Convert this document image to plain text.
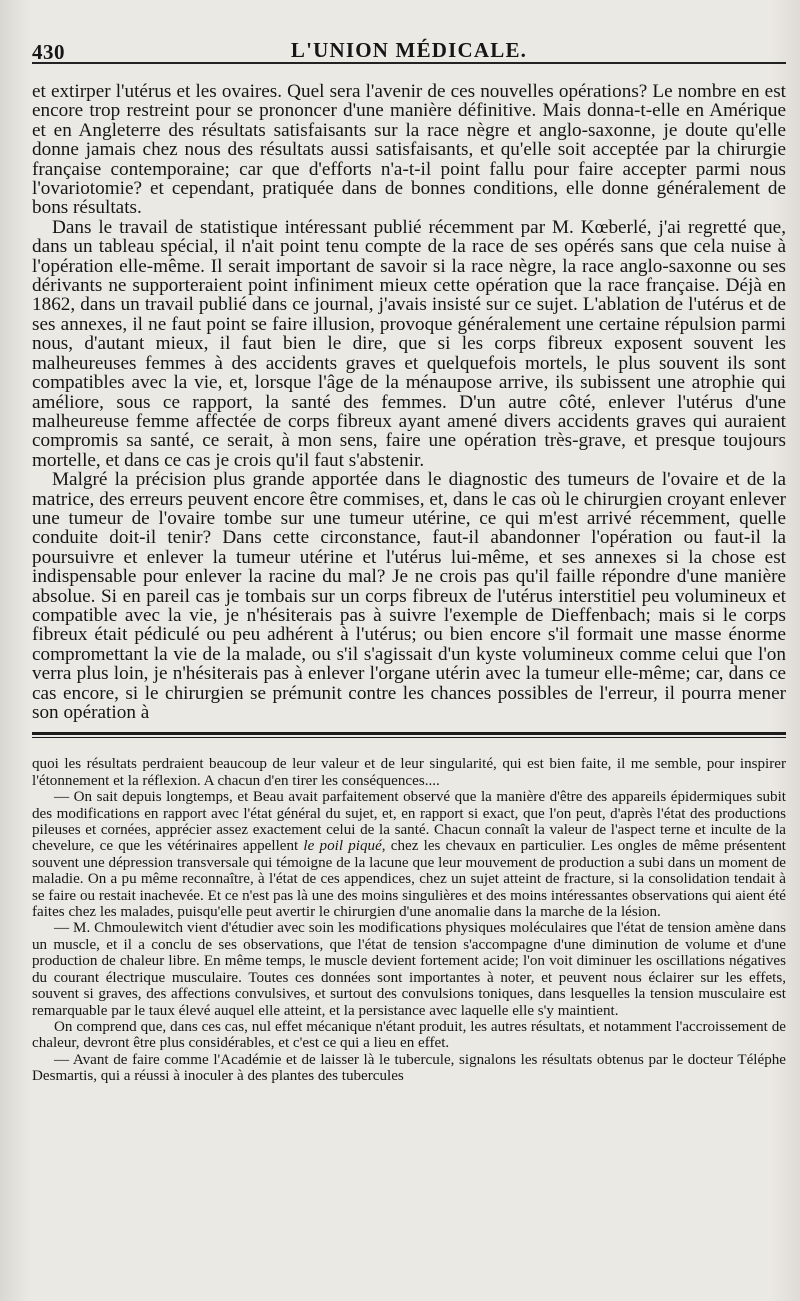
430	L'UNION MÉDICALE.

et extirper l'utérus et les ovaires. Quel sera l'avenir de ces nouvelles opérations? Le nombre en est encore trop restreint pour se prononcer d'une manière définitive. Mais donna-t-elle en Amérique et en Angleterre des résultats satisfaisants sur la race nègre et anglo-saxonne, je doute qu'elle donne jamais chez nous des résultats aussi satisfaisants, et qu'elle soit acceptée par la chirurgie française contemporaine; car que d'efforts n'a-t-il point fallu pour faire accepter parmi nous l'ovariotomie? et cependant, pratiquée dans de bonnes conditions, elle donne généralement de bons résultats.

Dans le travail de statistique intéressant publié récemment par M. Kœberlé, j'ai regretté que, dans un tableau spécial, il n'ait point tenu compte de la race de ses opérés sans que cela nuise à l'opération elle-même. Il serait important de savoir si la race nègre, la race anglo-saxonne ou ses dérivants ne supporteraient point infiniment mieux cette opération que la race française. Déjà en 1862, dans un travail publié dans ce journal, j'avais insisté sur ce sujet. L'ablation de l'utérus et de ses annexes, il ne faut point se faire illusion, provoque généralement une certaine répulsion parmi nous, d'autant mieux, il faut bien le dire, que si les corps fibreux exposent souvent les malheureuses femmes à des accidents graves et quelquefois mortels, le plus souvent ils sont compatibles avec la vie, et, lorsque l'âge de la ménaupose arrive, ils subissent une atrophie qui améliore, sous ce rapport, la santé des femmes. D'un autre côté, enlever l'utérus d'une malheureuse femme affectée de corps fibreux ayant amené divers accidents graves qui auraient compromis sa santé, ce serait, à mon sens, faire une opération très-grave, et presque toujours mortelle, et dans ce cas je crois qu'il faut s'abstenir.

Malgré la précision plus grande apportée dans le diagnostic des tumeurs de l'ovaire et de la matrice, des erreurs peuvent encore être commises, et, dans le cas où le chirurgien croyant enlever une tumeur de l'ovaire tombe sur une tumeur utérine, ce qui m'est arrivé récemment, quelle conduite doit-il tenir? Dans cette circonstance, faut-il abandonner l'opération ou faut-il la poursuivre et enlever la tumeur utérine et l'utérus lui-même, et ses annexes si la chose est indispensable pour enlever la racine du mal? Je ne crois pas qu'il faille répondre d'une manière absolue. Si en pareil cas je tombais sur un corps fibreux de l'utérus interstitiel peu volumineux et compatible avec la vie, je n'hésiterais pas à suivre l'exemple de Dieffenbach; mais si le corps fibreux était pédiculé ou peu adhérent à l'utérus; ou bien encore s'il formait une masse énorme compromettant la vie de la malade, ou s'il s'agissait d'un kyste volumineux comme celui que l'on verra plus loin, je n'hésiterais pas à enlever l'organe utérin avec la tumeur elle-même; car, dans ce cas encore, si le chirurgien se prémunit contre les chances possibles de l'erreur, il pourra mener son opération à

quoi les résultats perdraient beaucoup de leur valeur et de leur singularité, qui est bien faite, il me semble, pour inspirer l'étonnement et la réflexion. A chacun d'en tirer les conséquences....

— On sait depuis longtemps, et Beau avait parfaitement observé que la manière d'être des appareils épidermiques subit des modifications en rapport avec l'état général du sujet, et, en rapport si exact, que l'on peut, d'après l'état des productions pileuses et cornées, apprécier assez exactement celui de la santé. Chacun connaît la valeur de l'aspect terne et inculte de la chevelure, ce que les vétérinaires appellent le poil piqué, chez les chevaux en particulier. Les ongles de même présentent souvent une dépression transversale qui témoigne de la lacune que leur mouvement de production a subi dans un moment de maladie. On a pu même reconnaître, à l'état de ces appendices, chez un sujet atteint de fracture, si la consolidation tendait à se faire ou restait inachevée. Et ce n'est pas là une des moins singulières et des moins intéressantes observations qui aient été faites chez les malades, puisqu'elle peut avertir le chirurgien d'une anomalie dans la marche de la lésion.

— M. Chmoulewitch vient d'étudier avec soin les modifications physiques moléculaires que l'état de tension amène dans un muscle, et il a conclu de ses observations, que l'état de tension s'accompagne d'une diminution de volume et d'une production de chaleur libre. En même temps, le muscle devient fortement acide; l'on voit diminuer les oscillations négatives du courant électrique musculaire. Toutes ces données sont importantes à noter, et peuvent nous éclairer sur les effets, souvent si graves, des affections convulsives, et surtout des convulsions toniques, dans lesquelles la tension musculaire est remarquable par le taux élevé auquel elle atteint, et la persistance avec laquelle elle s'y maintient.

On comprend que, dans ces cas, nul effet mécanique n'étant produit, les autres résultats, et notamment l'accroissement de chaleur, devront être plus considérables, et c'est ce qui a lieu en effet.

— Avant de faire comme l'Académie et de laisser là le tubercule, signalons les résultats obtenus par le docteur Téléphe Desmartis, qui a réussi à inoculer à des plantes des tubercules
